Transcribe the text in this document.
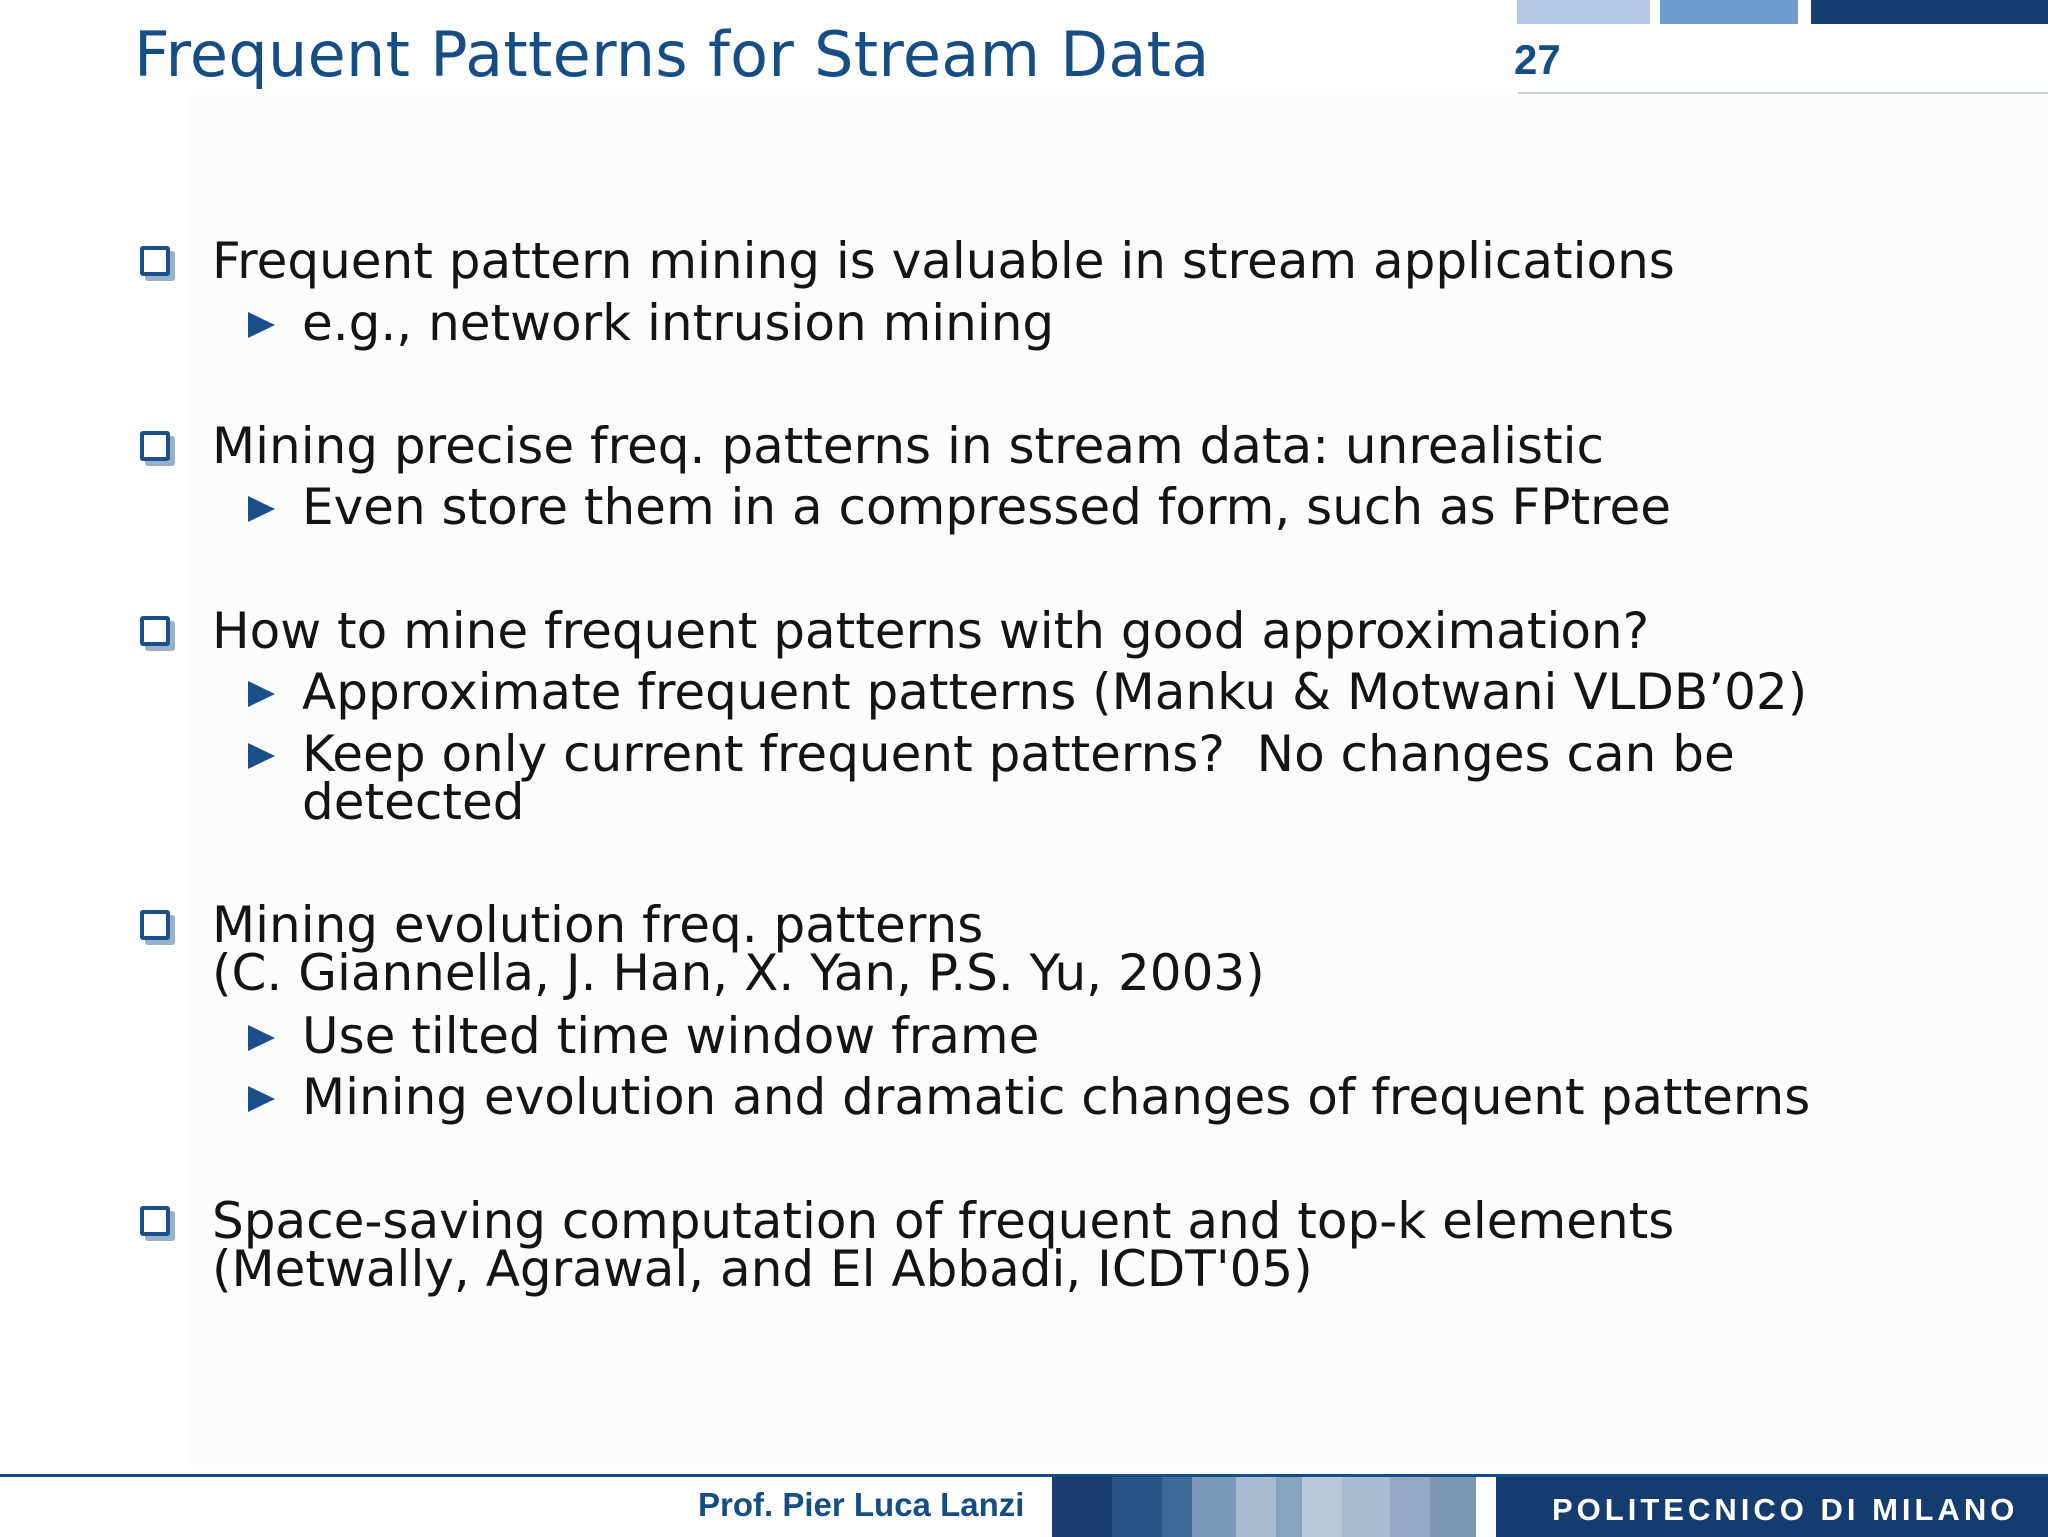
Frequent Patterns for Stream Data	27
Frequent pattern mining is valuable in stream applications
e.g., network intrusion mining
Mining precise freq. patterns in stream data: unrealistic
Even store them in a compressed form, such as FPtree
How to mine frequent patterns with good approximation?
Approximate frequent patterns (Manku & Motwani VLDB’02)
Keep only current frequent patterns?  No changes can be
detected
Mining evolution freq. patterns
(C. Giannella, J. Han, X. Yan, P.S. Yu, 2003)
Use tilted time window frame
Mining evolution and dramatic changes of frequent patterns
Space-saving computation of frequent and top-k elements
(Metwally, Agrawal, and El Abbadi, ICDT'05)
Prof. Pier Luca Lanzi	POLITECNICO DI MILANO
